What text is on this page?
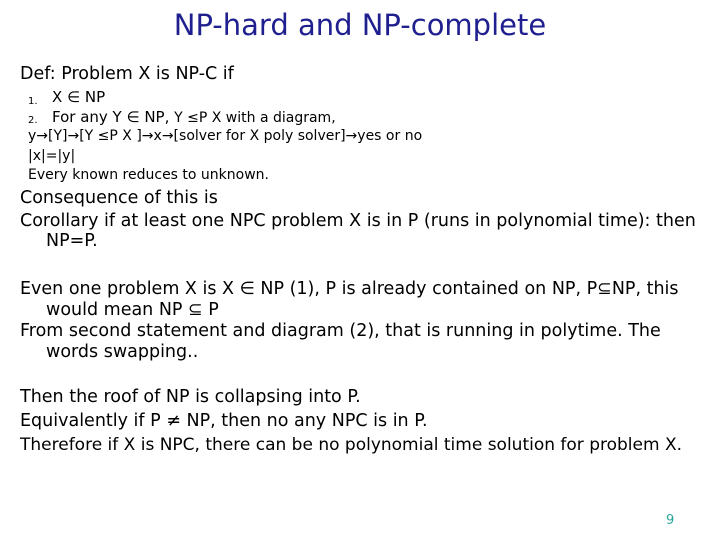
NP-hard and NP-complete
Def: Problem X is NP-C if
1. X ∈ NP
2. For any Y ∈ NP, Y ≤P X with a diagram,
y→[Y]→[Y ≤P X ]→x→[solver for X poly solver]→yes or no
|x|=|y|
Every known reduces to unknown.
Consequence of this is
Corollary if at least one NPC problem X is in P (runs in polynomial time): then
NP=P.
Even one problem X is X ∈ NP (1), P is already contained on NP, P⊆NP, this
would mean NP ⊆ P
From second statement and diagram (2), that is running in polytime. The
words swapping..
Then the roof of NP is collapsing into P.
Equivalently if P ≠ NP, then no any NPC is in P.
Therefore if X is NPC, there can be no polynomial time solution for problem X.
9
